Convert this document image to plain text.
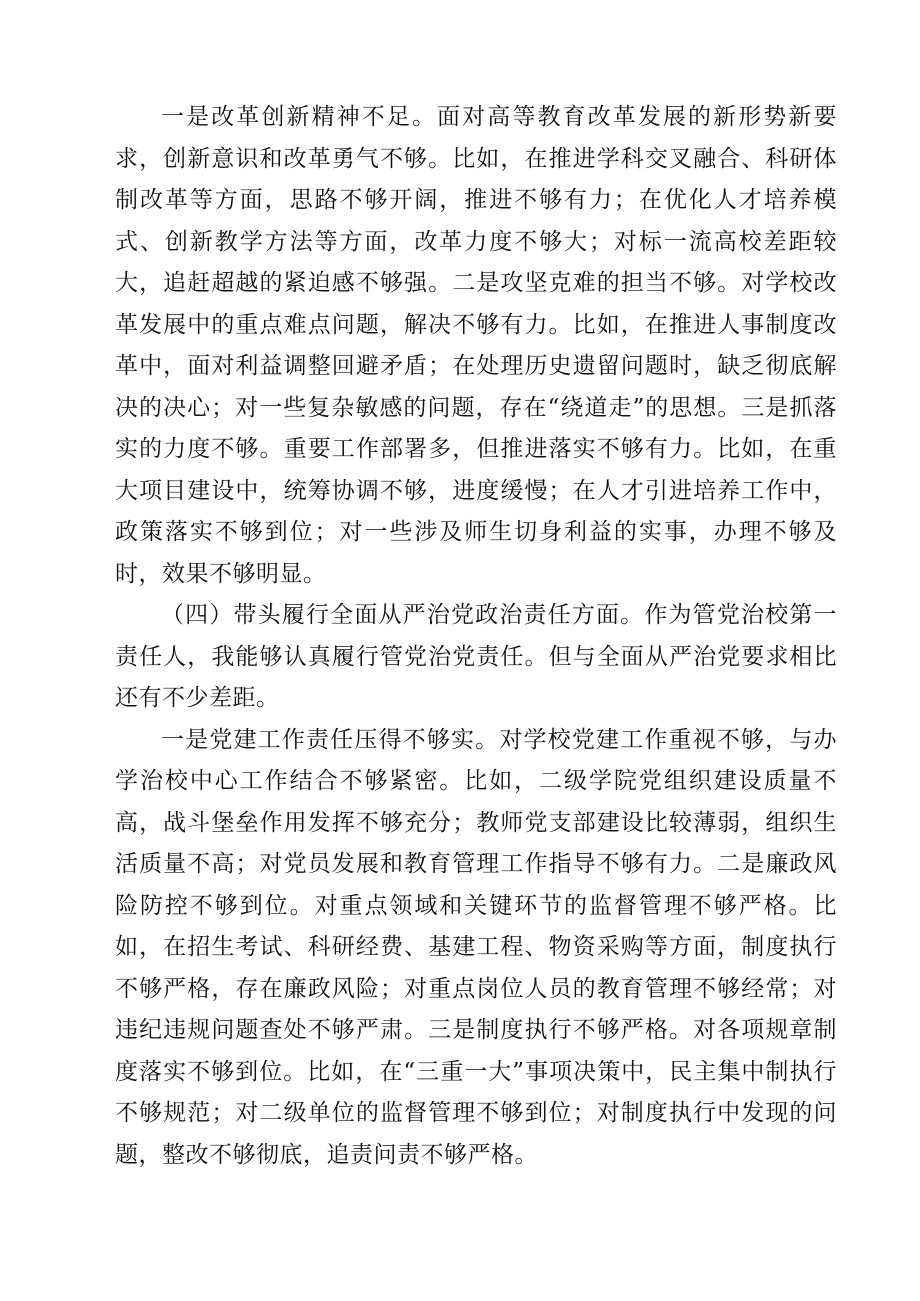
一是改革创新精神不足。面对高等教育改革发展的新形势新要求，创新意识和改革勇气不够。比如，在推进学科交叉融合、科研体制改革等方面，思路不够开阔，推进不够有力；在优化人才培养模式、创新教学方法等方面，改革力度不够大；对标一流高校差距较大，追赶超越的紧迫感不够强。二是攻坚克难的担当不够。对学校改革发展中的重点难点问题，解决不够有力。比如，在推进人事制度改革中，面对利益调整回避矛盾；在处理历史遗留问题时，缺乏彻底解决的决心；对一些复杂敏感的问题，存在“绕道走”的思想。三是抓落实的力度不够。重要工作部署多，但推进落实不够有力。比如，在重大项目建设中，统筹协调不够，进度缓慢；在人才引进培养工作中，政策落实不够到位；对一些涉及师生切身利益的实事，办理不够及时，效果不够明显。

（四）带头履行全面从严治党政治责任方面。作为管党治校第一责任人，我能够认真履行管党治党责任。但与全面从严治党要求相比还有不少差距。

一是党建工作责任压得不够实。对学校党建工作重视不够，与办学治校中心工作结合不够紧密。比如，二级学院党组织建设质量不高，战斗堡垒作用发挥不够充分；教师党支部建设比较薄弱，组织生活质量不高；对党员发展和教育管理工作指导不够有力。二是廉政风险防控不够到位。对重点领域和关键环节的监督管理不够严格。比如，在招生考试、科研经费、基建工程、物资采购等方面，制度执行不够严格，存在廉政风险；对重点岗位人员的教育管理不够经常；对违纪违规问题查处不够严肃。三是制度执行不够严格。对各项规章制度落实不够到位。比如，在“三重一大”事项决策中，民主集中制执行不够规范；对二级单位的监督管理不够到位；对制度执行中发现的问题，整改不够彻底，追责问责不够严格。
